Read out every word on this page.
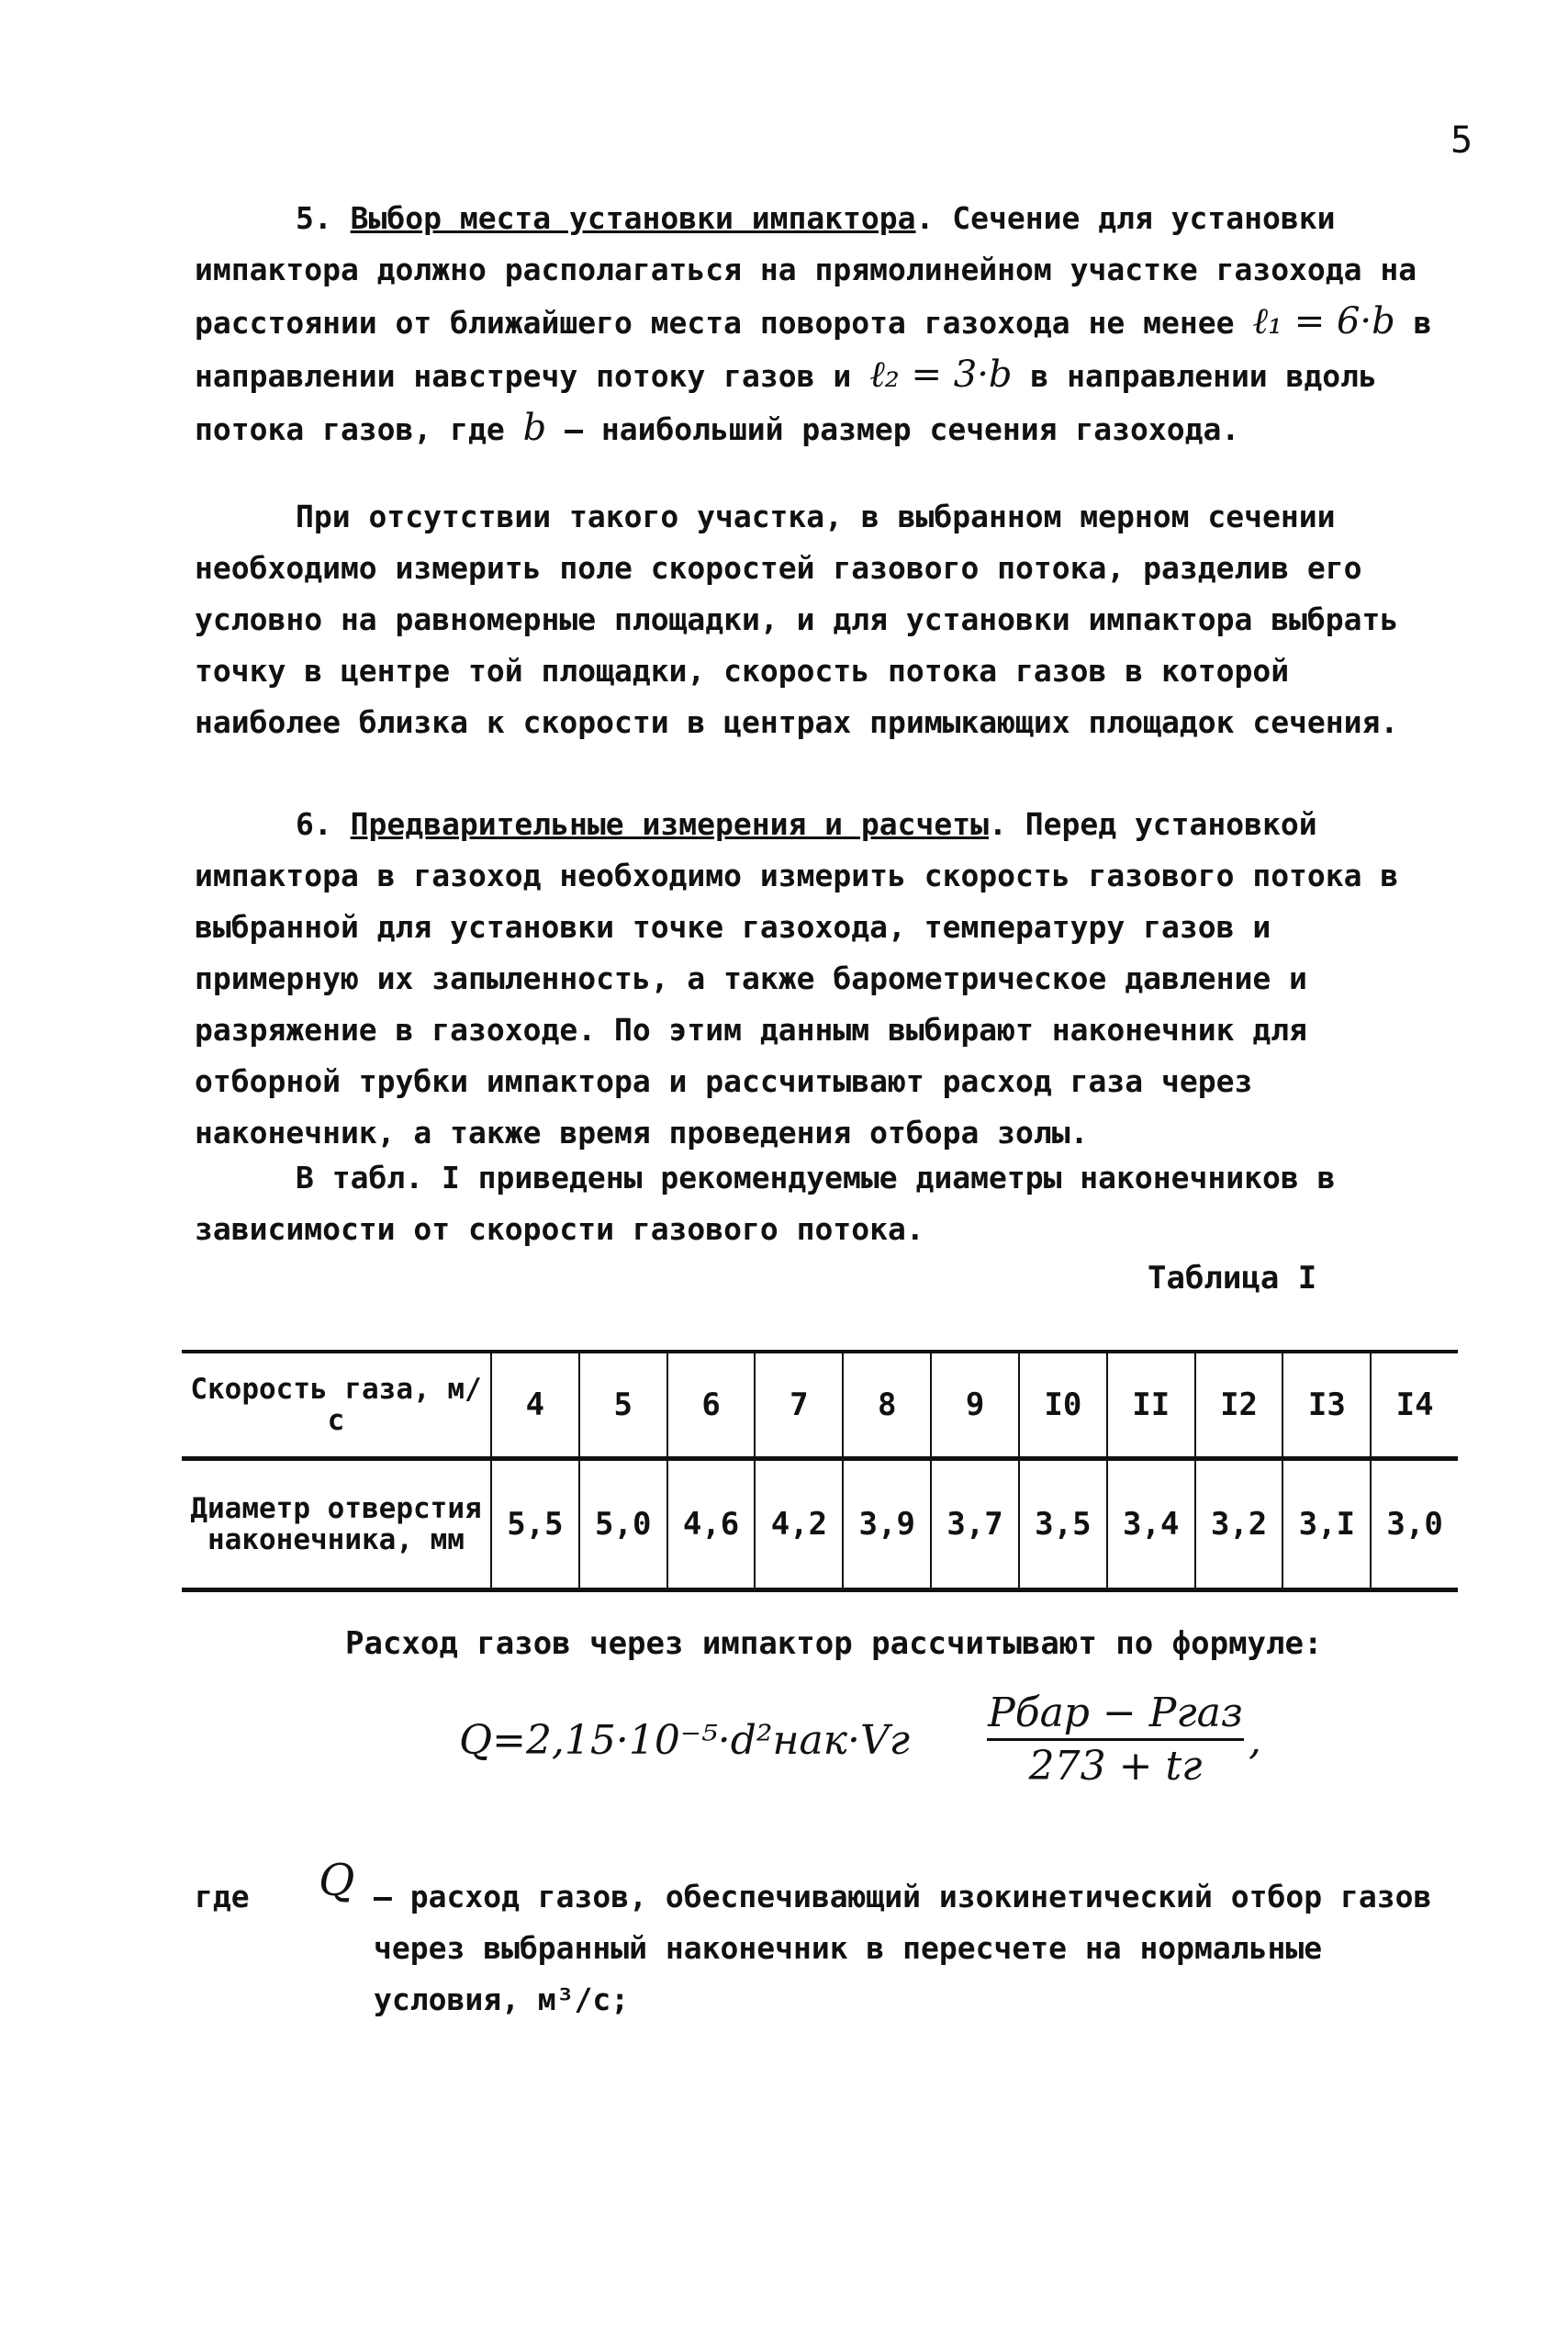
5

5. Выбор места установки импактора. Сечение для установки импактора должно располагаться на прямолинейном участке газохода на расстоянии от ближайшего места поворота газохода не менее ℓ₁ = 6·b в направлении навстречу потоку газов и ℓ₂ = 3·b в направлении вдоль потока газов, где b – наибольший размер сечения газохода.

При отсутствии такого участка, в выбранном мерном сечении необходимо измерить поле скоростей газового потока, разделив его условно на равномерные площадки, и для установки импактора выбрать точку в центре той площадки, скорость потока газов в которой наиболее близка к скорости в центрах примыкающих площадок сечения.

6. Предварительные измерения и расчеты. Перед установкой импактора в газоход необходимо измерить скорость газового потока в выбранной для установки точке газохода, температуру газов и примерную их запыленность, а также барометрическое давление и разряжение в газоходе. По этим данным выбирают наконечник для отборной трубки импактора и рассчитывают расход газа через наконечник, а также время проведения отбора золы.

В табл. I приведены рекомендуемые диаметры наконечников в зависимости от скорости газового потока.

Таблица I
Скорость газа, м/с	4	5	6	7	8	9	I0	II	I2	I3	I4
Диаметр отверстия наконечника, мм	5,5	5,0	4,6	4,2	3,9	3,7	3,5	3,4	3,2	3,I	3,0
Расход газов через импактор рассчитывают по формуле:
Q=2,15·10⁻⁵·d²нак·Vг
Pбар − Pгаз
273 + tг
,
где Q – расход газов, обеспечивающий изокинетический отбор газов через выбранный наконечник в пересчете на нормальные условия, м³/с;
